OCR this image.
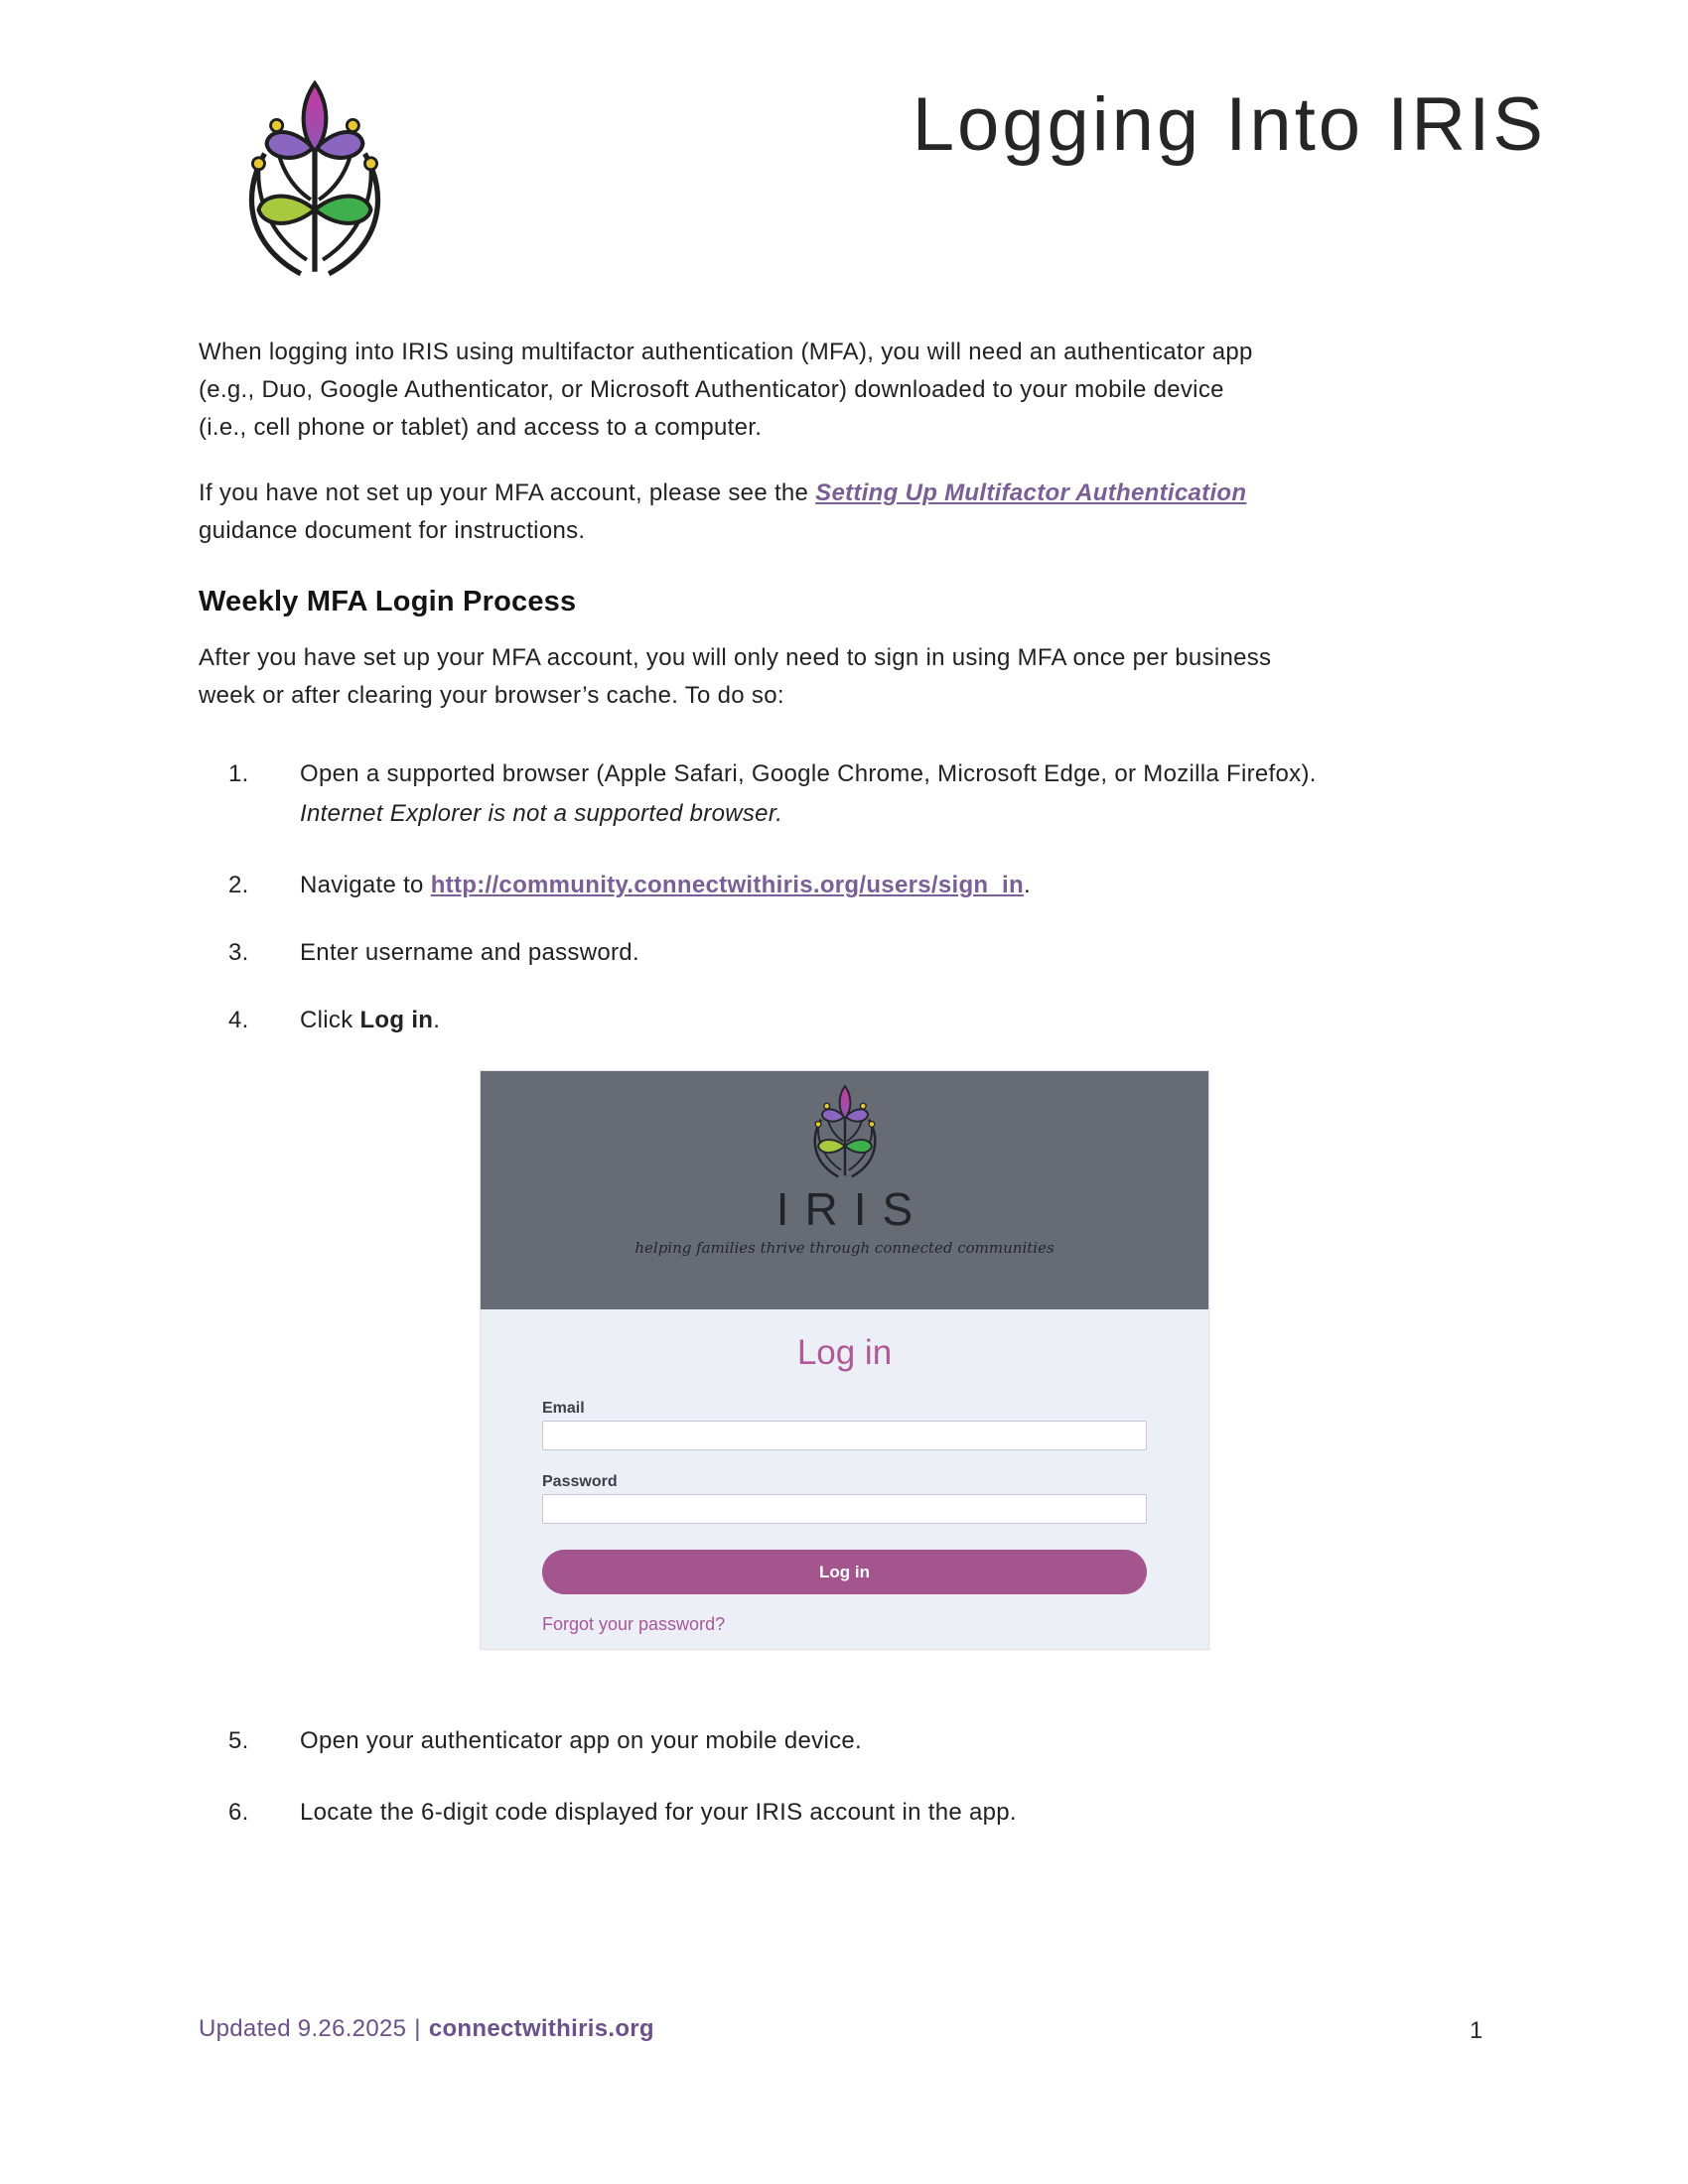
Logging Into IRIS
When logging into IRIS using multifactor authentication (MFA), you will need an authenticator app
(e.g., Duo, Google Authenticator, or Microsoft Authenticator) downloaded to your mobile device
(i.e., cell phone or tablet) and access to a computer.
If you have not set up your MFA account, please see the Setting Up Multifactor Authentication
guidance document for instructions.
Weekly MFA Login Process
After you have set up your MFA account, you will only need to sign in using MFA once per business
week or after clearing your browser’s cache. To do so:
1.	Open a supported browser (Apple Safari, Google Chrome, Microsoft Edge, or Mozilla Firefox).
Internet Explorer is not a supported browser.
2.	Navigate to http://community.connectwithiris.org/users/sign_in.
3.	Enter username and password.
4.	Click Log in.
IRIS
helping families thrive through connected communities
Log in
Email
Password
Log in
Forgot your password?
5.	Open your authenticator app on your mobile device.
6.	Locate the 6-digit code displayed for your IRIS account in the app.
Updated 9.26.2025 | connectwithiris.org	1
